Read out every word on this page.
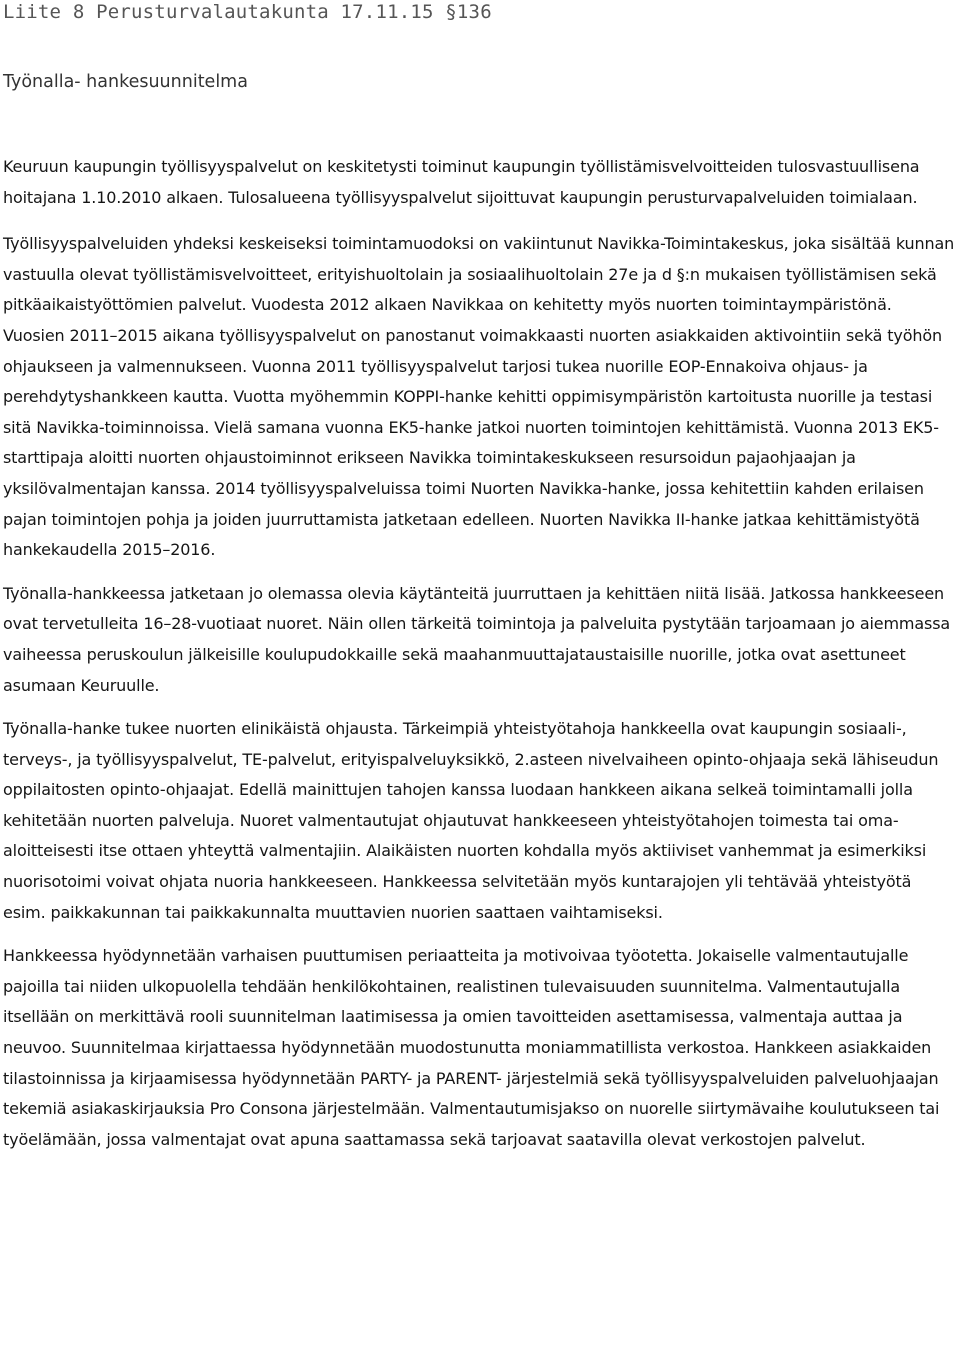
Liite 8 Perusturvalautakunta 17.11.15 §136
Työnalla- hankesuunnitelma

Keuruun kaupungin työllisyyspalvelut on keskitetysti toiminut kaupungin työllistämisvelvoitteiden tulosvastuullisena hoitajana 1.10.2010 alkaen. Tulosalueena työllisyyspalvelut sijoittuvat kaupungin perusturvapalveluiden toimialaan.

Työllisyyspalveluiden yhdeksi keskeiseksi toimintamuodoksi on vakiintunut Navikka-Toimintakeskus, joka sisältää kunnan vastuulla olevat työllistämisvelvoitteet, erityishuoltolain ja sosiaalihuoltolain 27e ja d §:n mukaisen työllistämisen sekä pitkäaikaistyöttömien palvelut. Vuodesta 2012 alkaen Navikkaa on kehitetty myös nuorten toimintaympäristönä. Vuosien 2011–2015 aikana työllisyyspalvelut on panostanut voimakkaasti nuorten asiakkaiden aktivointiin sekä työhön ohjaukseen ja valmennukseen. Vuonna 2011 työllisyyspalvelut tarjosi tukea nuorille EOP-Ennakoiva ohjaus- ja perehdytyshankkeen kautta. Vuotta myöhemmin KOPPI-hanke kehitti oppimisympäristön kartoitusta nuorille ja testasi sitä Navikka-toiminnoissa. Vielä samana vuonna EK5-hanke jatkoi nuorten toimintojen kehittämistä. Vuonna 2013 EK5-starttipaja aloitti nuorten ohjaustoiminnot erikseen Navikka toimintakeskukseen resursoidun pajaohjaajan ja yksilövalmentajan kanssa. 2014 työllisyyspalveluissa toimi Nuorten Navikka-hanke, jossa kehitettiin kahden erilaisen pajan toimintojen pohja ja joiden juurruttamista jatketaan edelleen. Nuorten Navikka II-hanke jatkaa kehittämistyötä hankekaudella 2015–2016.

Työnalla-hankkeessa jatketaan jo olemassa olevia käytänteitä juurruttaen ja kehittäen niitä lisää. Jatkossa hankkeeseen ovat tervetulleita 16–28-vuotiaat nuoret. Näin ollen tärkeitä toimintoja ja palveluita pystytään tarjoamaan jo aiemmassa vaiheessa peruskoulun jälkeisille koulupudokkaille sekä maahanmuuttajataustaisille nuorille, jotka ovat asettuneet asumaan Keuruulle.

Työnalla-hanke tukee nuorten elinikäistä ohjausta. Tärkeimpiä yhteistyötahoja hankkeella ovat kaupungin sosiaali-, terveys-, ja työllisyyspalvelut, TE-palvelut, erityispalveluyksikkö, 2.asteen nivelvaiheen opinto-ohjaaja sekä lähiseudun oppilaitosten opinto-ohjaajat. Edellä mainittujen tahojen kanssa luodaan hankkeen aikana selkeä toimintamalli jolla kehitetään nuorten palveluja. Nuoret valmentautujat ohjautuvat hankkeeseen yhteistyötahojen toimesta tai oma-aloitteisesti itse ottaen yhteyttä valmentajiin. Alaikäisten nuorten kohdalla myös aktiiviset vanhemmat ja esimerkiksi nuorisotoimi voivat ohjata nuoria hankkeeseen. Hankkeessa selvitetään myös kuntarajojen yli tehtävää yhteistyötä esim. paikkakunnan tai paikkakunnalta muuttavien nuorien saattaen vaihtamiseksi.

Hankkeessa hyödynnetään varhaisen puuttumisen periaatteita ja motivoivaa työotetta. Jokaiselle valmentautujalle pajoilla tai niiden ulkopuolella tehdään henkilökohtainen, realistinen tulevaisuuden suunnitelma. Valmentautujalla itsellään on merkittävä rooli suunnitelman laatimisessa ja omien tavoitteiden asettamisessa, valmentaja auttaa ja neuvoo. Suunnitelmaa kirjattaessa hyödynnetään muodostunutta moniammatillista verkostoa. Hankkeen asiakkaiden tilastoinnissa ja kirjaamisessa hyödynnetään PARTY- ja PARENT- järjestelmiä sekä työllisyyspalveluiden palveluohjaajan tekemiä asiakaskirjauksia Pro Consona järjestelmään. Valmentautumisjakso on nuorelle siirtymävaihe koulutukseen tai työelämään, jossa valmentajat ovat apuna saattamassa sekä tarjoavat saatavilla olevat verkostojen palvelut.
